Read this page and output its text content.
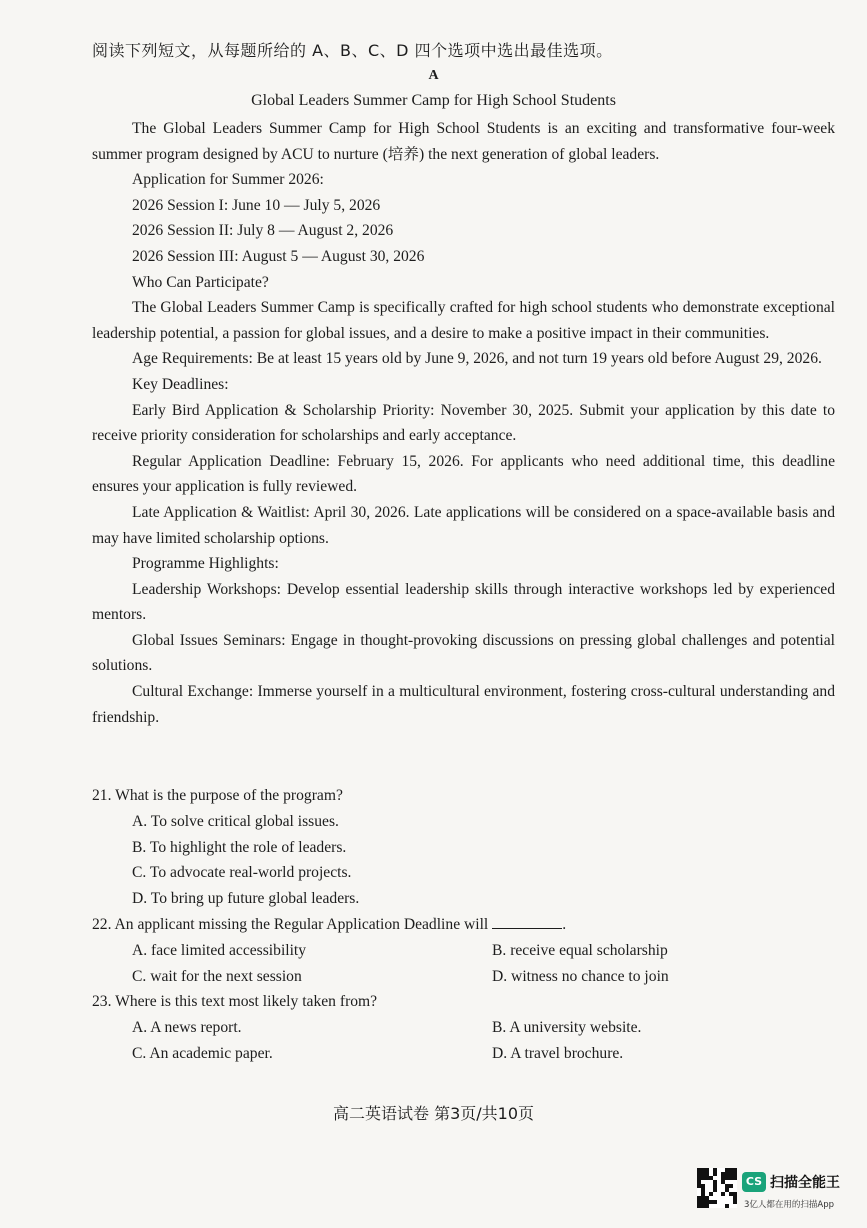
阅读下列短文，从每题所给的 A、B、C、D 四个选项中选出最佳选项。
A
Global Leaders Summer Camp for High School Students

The Global Leaders Summer Camp for High School Students is an exciting and transformative four-week summer program designed by ACU to nurture (培养) the next generation of global leaders.

Application for Summer 2026:

2026 Session I: June 10 — July 5, 2026

2026 Session II: July 8 — August 2, 2026

2026 Session III: August 5 — August 30, 2026

Who Can Participate?

The Global Leaders Summer Camp is specifically crafted for high school students who demonstrate exceptional leadership potential, a passion for global issues, and a desire to make a positive impact in their communities.

Age Requirements: Be at least 15 years old by June 9, 2026, and not turn 19 years old before August 29, 2026.

Key Deadlines:

Early Bird Application & Scholarship Priority: November 30, 2025. Submit your application by this date to receive priority consideration for scholarships and early acceptance.

Regular Application Deadline: February 15, 2026. For applicants who need additional time, this deadline ensures your application is fully reviewed.

Late Application & Waitlist: April 30, 2026. Late applications will be considered on a space-available basis and may have limited scholarship options.

Programme Highlights:

Leadership Workshops: Develop essential leadership skills through interactive workshops led by experienced mentors.

Global Issues Seminars: Engage in thought-provoking discussions on pressing global challenges and potential solutions.

Cultural Exchange: Immerse yourself in a multicultural environment, fostering cross-cultural understanding and friendship.

21. What is the purpose of the program?

A. To solve critical global issues.

B. To highlight the role of leaders.

C. To advocate real-world projects.

D. To bring up future global leaders.

22. An applicant missing the Regular Application Deadline will	.

A. face limited accessibility	B. receive equal scholarship

C. wait for the next session	D. witness no chance to join

23. Where is this text most likely taken from?

A. A news report.	B. A university website.

C. An academic paper.	D. A travel brochure.

高二英语试卷 第3页/共10页
CS 扫描全能王
3亿人都在用的扫描App
